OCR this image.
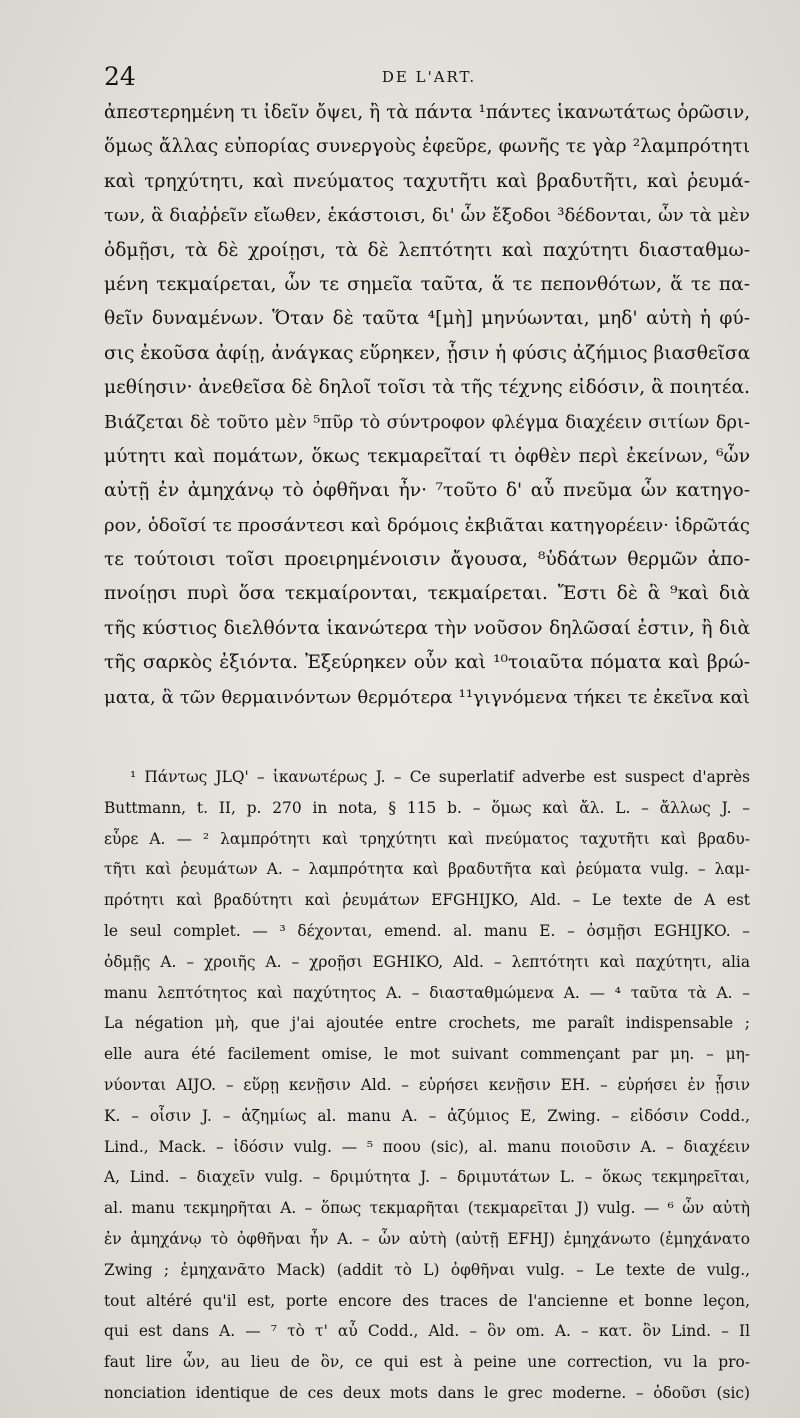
24	DE L'ART.
ἀπεστερημένη τι ἰδεῖν ὄψει, ἢ τὰ πάντα ¹πάντες ἱκανωτάτως ὁρῶσιν,
ὅμως ἄλλας εὐπορίας συνεργοὺς ἐφεῦρε, φωνῆς τε γὰρ ²λαμπρότητι
καὶ τρηχύτητι, καὶ πνεύματος ταχυτῆτι καὶ βραδυτῆτι, καὶ ῥευμά-
των, ἃ διαῤῥεῖν εἴωθεν, ἑκάστοισι, δι' ὧν ἔξοδοι ³δέδονται, ὧν τὰ μὲν
ὀδμῇσι, τὰ δὲ χροίῃσι, τὰ δὲ λεπτότητι καὶ παχύτητι διασταθμω-
μένη τεκμαίρεται, ὧν τε σημεῖα ταῦτα, ἅ τε πεπονθότων, ἅ τε πα-
θεῖν δυναμένων. Ὅταν δὲ ταῦτα ⁴[μὴ] μηνύωνται, μηδ' αὐτὴ ἡ φύ-
σις ἑκοῦσα ἀφίῃ, ἀνάγκας εὕρηκεν, ᾗσιν ἡ φύσις ἀζήμιος βιασθεῖσα
μεθίησιν· ἀνεθεῖσα δὲ δηλοῖ τοῖσι τὰ τῆς τέχνης εἰδόσιν, ἃ ποιητέα.
Βιάζεται δὲ τοῦτο μὲν ⁵πῦρ τὸ σύντροφον φλέγμα διαχέειν σιτίων δρι-
μύτητι καὶ πομάτων, ὅκως τεκμαρεῖταί τι ὀφθὲν περὶ ἐκείνων, ⁶ὧν
αὐτῇ ἐν ἀμηχάνῳ τὸ ὀφθῆναι ἦν· ⁷τοῦτο δ' αὖ πνεῦμα ὧν κατηγο-
ρον, ὁδοῖσί τε προσάντεσι καὶ δρόμοις ἐκβιᾶται κατηγορέειν· ἱδρῶτάς
τε τούτοισι τοῖσι προειρημένοισιν ἄγουσα, ⁸ὑδάτων θερμῶν ἀπο-
πνοίῃσι πυρὶ ὅσα τεκμαίρονται, τεκμαίρεται. Ἔστι δὲ ἃ ⁹καὶ διὰ
τῆς κύστιος διελθόντα ἱκανώτερα τὴν νοῦσον δηλῶσαί ἐστιν, ἢ διὰ
τῆς σαρκὸς ἐξιόντα. Ἐξεύρηκεν οὖν καὶ ¹⁰τοιαῦτα πόματα καὶ βρώ-
ματα, ἃ τῶν θερμαινόντων θερμότερα ¹¹γιγνόμενα τήκει τε ἐκεῖνα καὶ
¹ Πάντως JLQ' – ἱκανωτέρως J. – Ce superlatif adverbe est suspect d'après
Buttmann, t. II, p. 270 in nota, § 115 b. – ὅμως καὶ ἄλ. L. – ἄλλως J. –
εὗρε A. — ² λαμπρότητι καὶ τρηχύτητι καὶ πνεύματος ταχυτῆτι καὶ βραδυ-
τῆτι καὶ ῥευμάτων A. – λαμπρότητα καὶ βραδυτῆτα καὶ ῥεύματα vulg. – λαμ-
πρότητι καὶ βραδύτητι καὶ ῥευμάτων EFGHIJKO, Ald. – Le texte de A est
le seul complet. — ³ δέχονται, emend. al. manu E. – ὀσμῇσι EGHIJKO. –
ὀδμῇς A. – χροιῆς A. – χροῇσι EGHIKO, Ald. – λεπτότητι καὶ παχύτητι, alia
manu λεπτότητος καὶ παχύτητος A. – διασταθμώμενα A. — ⁴ ταῦτα τὰ A. –
La négation μὴ, que j'ai ajoutée entre crochets, me paraît indispensable ;
elle aura été facilement omise, le mot suivant commençant par μη. – μη-
νύονται AIJO. – εὕρῃ κενῇσιν Ald. – εὑρήσει κενῇσιν EH. – εὑρήσει ἐν ᾗσιν
K. – οἷσιν J. – ἀζημίως al. manu A. – ἀζύμιος E, Zwing. – εἰδόσιν Codd.,
Lind., Mack. – ἰδόσιν vulg. — ⁵ ποου (sic), al. manu ποιοῦσιν A. – διαχέειν
A, Lind. – διαχεῖν vulg. – δριμύτητα J. – δριμυτάτων L. – ὅκως τεκμηρεῖται,
al. manu τεκμηρῆται A. – ὅπως τεκμαρῆται (τεκμαρεῖται J) vulg. — ⁶ ὧν αὐτὴ
ἐν ἀμηχάνῳ τὸ ὀφθῆναι ἦν A. – ὧν αὐτὴ (αὐτῇ EFHJ) ἐμηχάνωτο (ἐμηχάνατο
Zwing ; ἐμηχανᾶτο Mack) (addit τὸ L) ὀφθῆναι vulg. – Le texte de vulg.,
tout altéré qu'il est, porte encore des traces de l'ancienne et bonne leçon,
qui est dans A. — ⁷ τὸ τ' αὖ Codd., Ald. – ὃν om. A. – κατ. ὃν Lind. – Il
faut lire ὧν, au lieu de ὃν, ce qui est à peine une correction, vu la pro-
nonciation identique de ces deux mots dans le grec moderne. – ὁδοῦσι (sic)
